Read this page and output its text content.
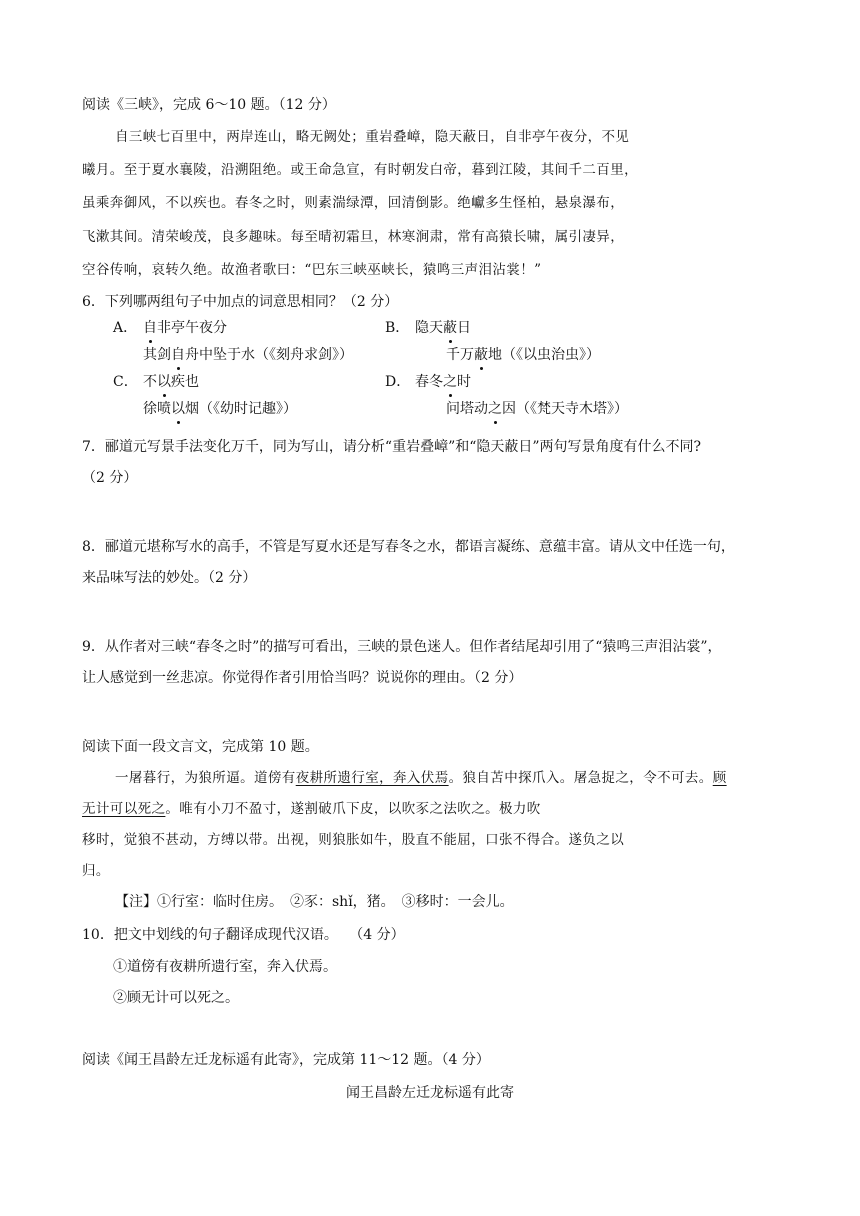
阅读《三峡》，完成 6～10 题。（12 分）
自三峡七百里中，两岸连山，略无阙处；重岩叠嶂，隐天蔽日，自非亭午夜分，不见
曦月。至于夏水襄陵，沿溯阻绝。或王命急宣，有时朝发白帝，暮到江陵，其间千二百里，
虽乘奔御风，不以疾也。春冬之时，则素湍绿潭，回清倒影。绝巘多生怪柏，悬泉瀑布，
飞漱其间。清荣峻茂，良多趣味。每至晴初霜旦，林寒涧肃，常有高猿长啸，属引凄异，
空谷传响，哀转久绝。故渔者歌曰：“巴东三峡巫峡长，猿鸣三声泪沾裳！”
6．下列哪两组句子中加点的词意思相同？（2 分）
A． 自非亭午夜分
其剑自舟中坠于水（《刻舟求剑》）
B． 隐天蔽日
千万蔽地（《以虫治虫》）
C． 不以疾也
徐喷以烟（《幼时记趣》）
D． 春冬之时
问塔动之因（《梵天寺木塔》）
7．郦道元写景手法变化万千，同为写山，请分析“重岩叠嶂”和“隐天蔽日”两句写景角度有什么不同?
（2 分）
8．郦道元堪称写水的高手，不管是写夏水还是写春冬之水，都语言凝练、意蕴丰富。请从文中任选一句，
来品味写法的妙处。（2 分）
9．从作者对三峡“春冬之时”的描写可看出，三峡的景色迷人。但作者结尾却引用了“猿鸣三声泪沾裳”，
让人感觉到一丝悲凉。你觉得作者引用恰当吗？说说你的理由。（2 分）
阅读下面一段文言文，完成第 10 题。
一屠暮行，为狼所逼。道傍有夜耕所遗行室，奔入伏焉。狼自苫中探爪入。屠急捉之，令不可去。顾
无计可以死之。唯有小刀不盈寸，遂割破爪下皮，以吹豕之法吹之。极力吹
移时，觉狼不甚动，方缚以带。出视，则狼胀如牛，股直不能屈，口张不得合。遂负之以
归。
【注】①行室：临时住房。　②豕：shǐ，猪。　③移时：一会儿。
10．把文中划线的句子翻译成现代汉语。　 （4 分）
①道傍有夜耕所遗行室，奔入伏焉。
②顾无计可以死之。
阅读《闻王昌龄左迁龙标遥有此寄》，完成第 11～12 题。（4 分）
闻王昌龄左迁龙标遥有此寄
